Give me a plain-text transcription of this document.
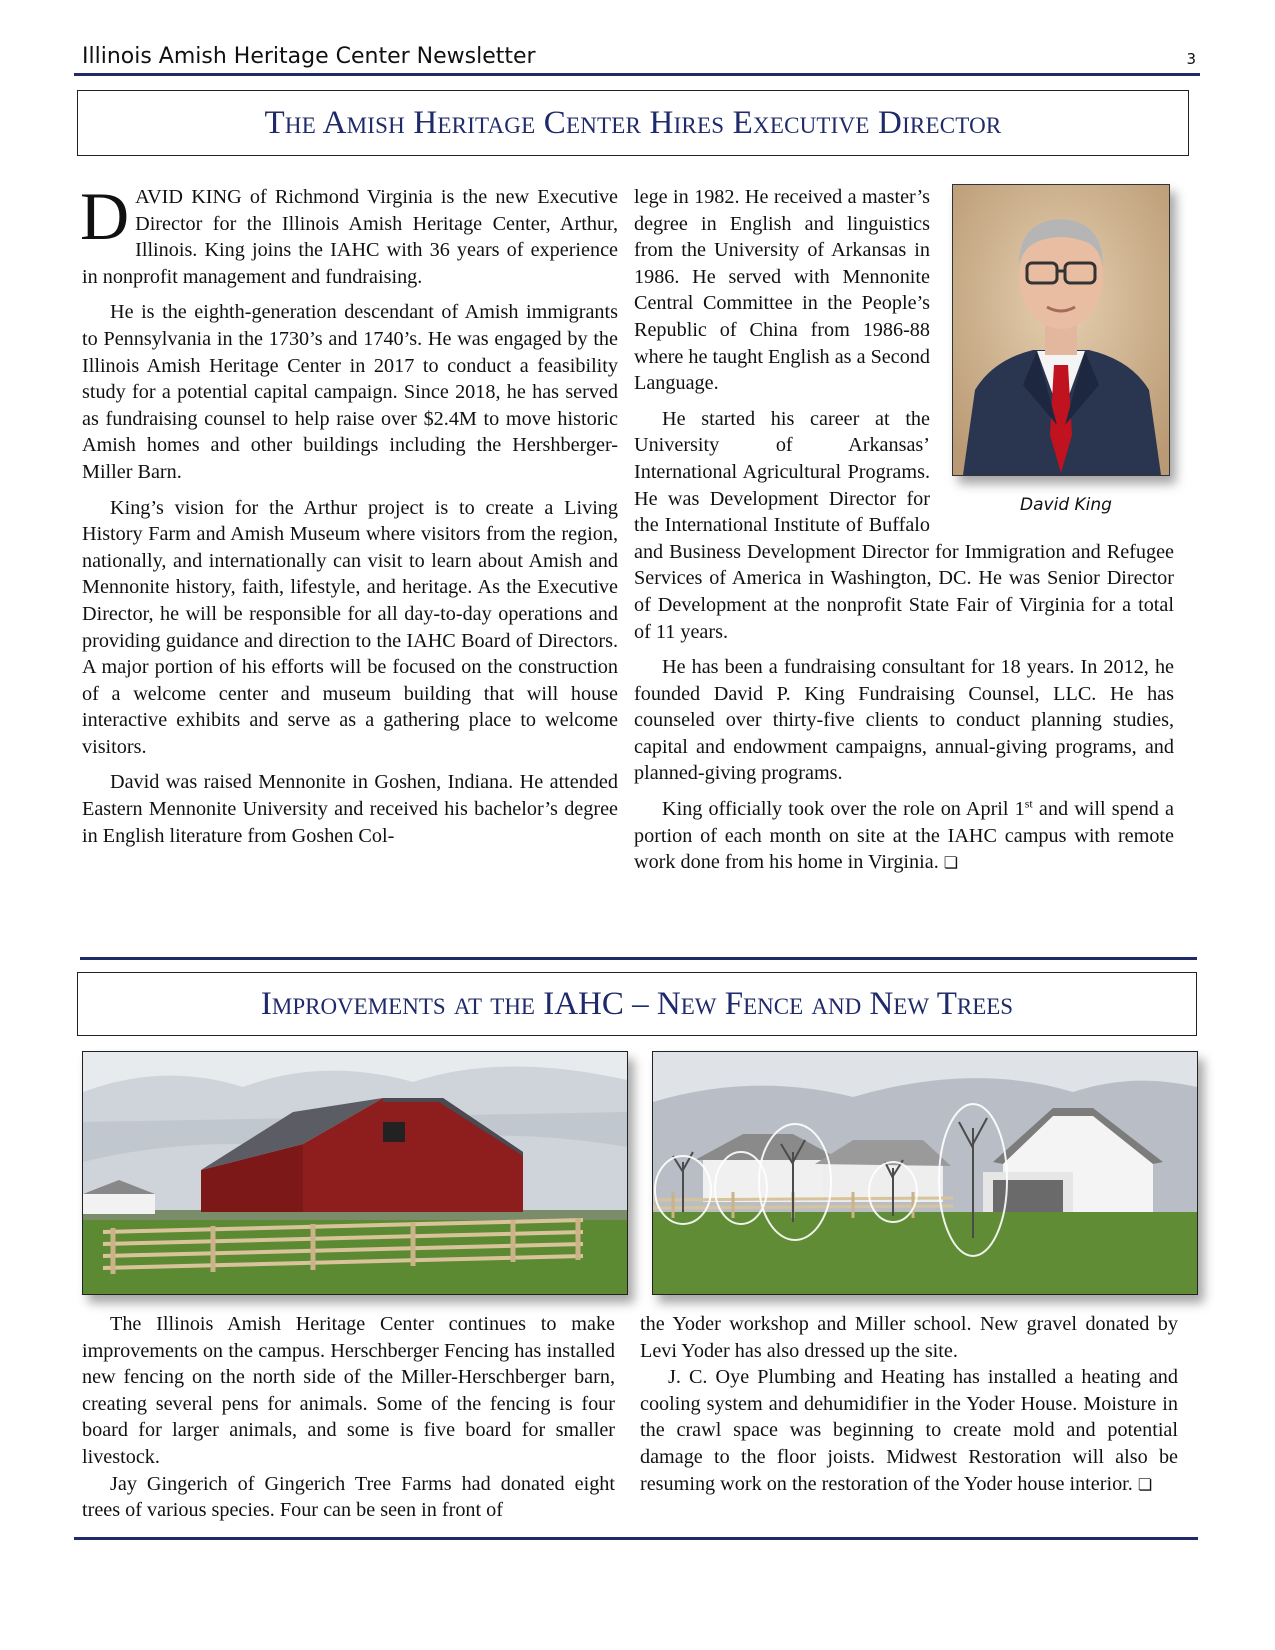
Illinois Amish Heritage Center Newsletter	3
The Amish Heritage Center Hires Executive Director

DAVID KING of Richmond Virginia is the new Executive Director for the Illinois Amish Heritage Center, Arthur, Illinois. King joins the IAHC with 36 years of experience in nonprofit management and fundraising.

He is the eighth-generation descendant of Amish immigrants to Pennsylvania in the 1730’s and 1740’s. He was engaged by the Illinois Amish Heritage Center in 2017 to conduct a feasibility study for a potential capital campaign. Since 2018, he has served as fundraising counsel to help raise over $2.4M to move historic Amish homes and other buildings including the Hershberger-Miller Barn.

King’s vision for the Arthur project is to create a Living History Farm and Amish Museum where visitors from the region, nationally, and internationally can visit to learn about Amish and Mennonite history, faith, lifestyle, and heritage. As the Executive Director, he will be responsible for all day-to-day operations and providing guidance and direction to the IAHC Board of Directors. A major portion of his efforts will be focused on the construction of a welcome center and museum building that will house interactive exhibits and serve as a gathering place to welcome visitors.

David was raised Mennonite in Goshen, Indiana. He attended Eastern Mennonite University and received his bachelor’s degree in English literature from Goshen Col-

David King

lege in 1982. He received a master’s degree in English and linguistics from the University of Arkansas in 1986. He served with Mennonite Central Committee in the People’s Republic of China from 1986-88 where he taught English as a Second Language.

He started his career at the University of Arkansas’ International Agricultural Programs. He was Development Director for the International Institute of Buffalo and Business Development Director for Immigration and Refugee Services of America in Washington, DC. He was Senior Director of Development at the nonprofit State Fair of Virginia for a total of 11 years.

He has been a fundraising consultant for 18 years. In 2012, he founded David P. King Fundraising Counsel, LLC. He has counseled over thirty-five clients to conduct planning studies, capital and endowment campaigns, annual-giving programs, and planned-giving programs.

King officially took over the role on April 1st and will spend a portion of each month on site at the IAHC campus with remote work done from his home in Virginia. ❏

Improvements at the IAHC – New Fence and New Trees

The Illinois Amish Heritage Center continues to make improvements on the campus. Herschberger Fencing has installed new fencing on the north side of the Miller-Herschberger barn, creating several pens for animals. Some of the fencing is four board for larger animals, and some is five board for smaller livestock.

Jay Gingerich of Gingerich Tree Farms had donated eight trees of various species. Four can be seen in front of

the Yoder workshop and Miller school. New gravel donated by Levi Yoder has also dressed up the site.

J. C. Oye Plumbing and Heating has installed a heating and cooling system and dehumidifier in the Yoder House. Moisture in the crawl space was beginning to create mold and potential damage to the floor joists. Midwest Restoration will also be resuming work on the restoration of the Yoder house interior. ❏
